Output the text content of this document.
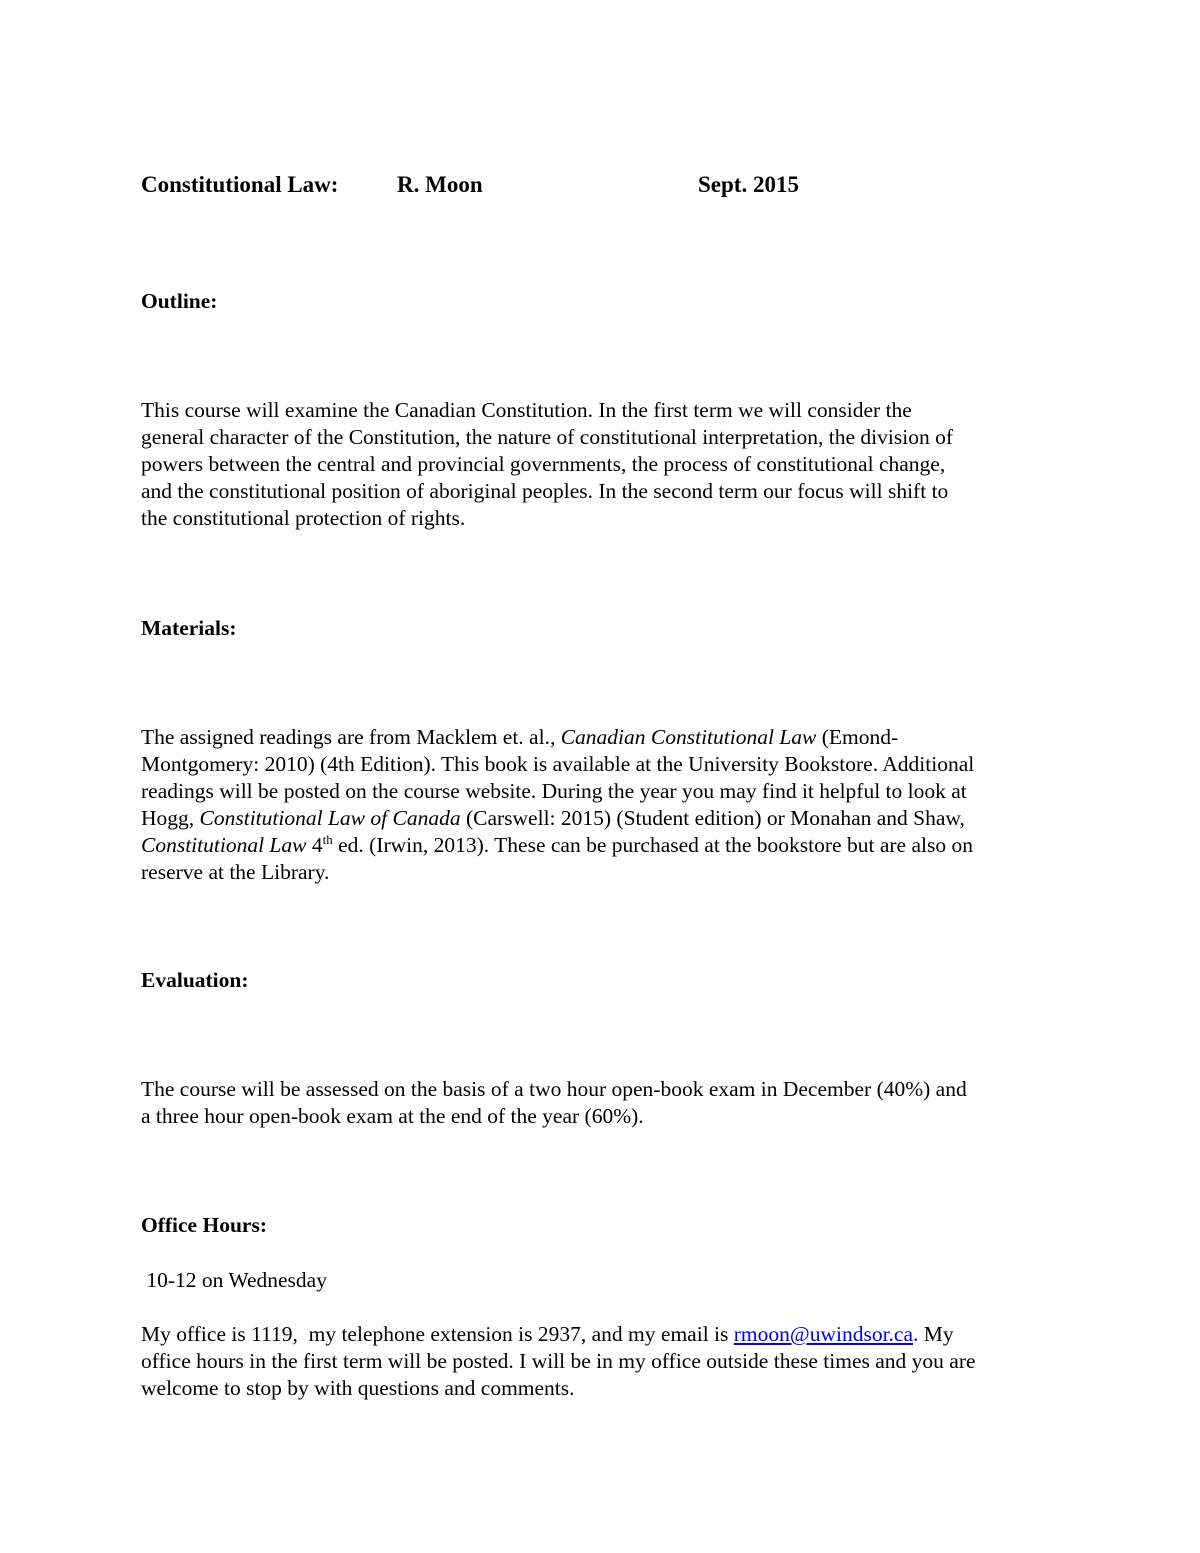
Constitutional Law:	R. Moon	Sept. 2015
Outline:
This course will examine the Canadian Constitution. In the first term we will consider the
general character of the Constitution, the nature of constitutional interpretation, the division of
powers between the central and provincial governments, the process of constitutional change,
and the constitutional position of aboriginal peoples. In the second term our focus will shift to
the constitutional protection of rights.
Materials:
The assigned readings are from Macklem et. al., Canadian Constitutional Law (Emond-
Montgomery: 2010) (4th Edition). This book is available at the University Bookstore. Additional
readings will be posted on the course website. During the year you may find it helpful to look at
Hogg, Constitutional Law of Canada (Carswell: 2015) (Student edition) or Monahan and Shaw,
Constitutional Law 4th ed. (Irwin, 2013). These can be purchased at the bookstore but are also on
reserve at the Library.
Evaluation:
The course will be assessed on the basis of a two hour open-book exam in December (40%) and
a three hour open-book exam at the end of the year (60%).
Office Hours:
10-12 on Wednesday
My office is 1119,  my telephone extension is 2937, and my email is rmoon@uwindsor.ca. My
office hours in the first term will be posted. I will be in my office outside these times and you are
welcome to stop by with questions and comments.
